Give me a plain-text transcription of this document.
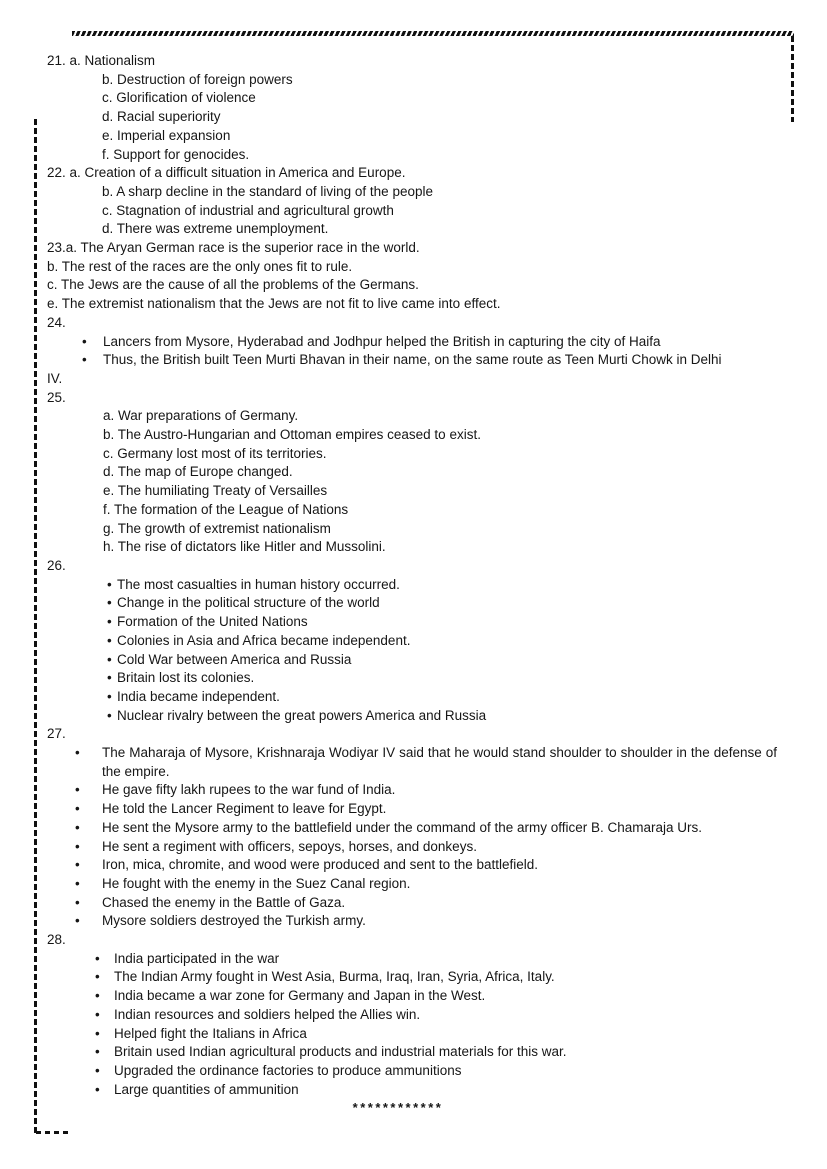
21. a. Nationalism
b. Destruction of foreign powers
c. Glorification of violence
d. Racial superiority
e. Imperial expansion
f. Support for genocides.
22. a. Creation of a difficult situation in America and Europe.
b. A sharp decline in the standard of living of the people
c. Stagnation of industrial and agricultural growth
d. There was extreme unemployment.
23.a. The Aryan German race is the superior race in the world.
b. The rest of the races are the only ones fit to rule.
c. The Jews are the cause of all the problems of the Germans.
e. The extremist nationalism that the Jews are not fit to live came into effect.
24.
•	Lancers from Mysore, Hyderabad and Jodhpur helped the British in capturing the city of Haifa
•	Thus, the British built Teen Murti Bhavan in their name, on the same route as Teen Murti Chowk in Delhi
IV.
25.
a. War preparations of Germany.
b. The Austro-Hungarian and Ottoman empires ceased to exist.
c. Germany lost most of its territories.
d. The map of Europe changed.
e. The humiliating Treaty of Versailles
f. The formation of the League of Nations
g. The growth of extremist nationalism
h. The rise of dictators like Hitler and Mussolini.
26.
• The most casualties in human history occurred.
• Change in the political structure of the world
• Formation of the United Nations
• Colonies in Asia and Africa became independent.
• Cold War between America and Russia
• Britain lost its colonies.
• India became independent.
• Nuclear rivalry between the great powers America and Russia
27.
•	The Maharaja of Mysore, Krishnaraja Wodiyar IV said that he would stand shoulder to shoulder in the defense of the empire.
•	He gave fifty lakh rupees to the war fund of India.
•	He told the Lancer Regiment to leave for Egypt.
•	He sent the Mysore army to the battlefield under the command of the army officer B. Chamaraja Urs.
•	He sent a regiment with officers, sepoys, horses, and donkeys.
•	Iron, mica, chromite, and wood were produced and sent to the battlefield.
•	He fought with the enemy in the Suez Canal region.
•	Chased the enemy in the Battle of Gaza.
•	Mysore soldiers destroyed the Turkish army.
28.
•	India participated in the war
•	The Indian Army fought in West Asia, Burma, Iraq, Iran, Syria, Africa, Italy.
•	India became a war zone for Germany and Japan in the West.
•	Indian resources and soldiers helped the Allies win.
•	Helped fight the Italians in Africa
•	Britain used Indian agricultural products and industrial materials for this war.
•	Upgraded the ordinance factories to produce ammunitions
•	Large quantities of ammunition
************
